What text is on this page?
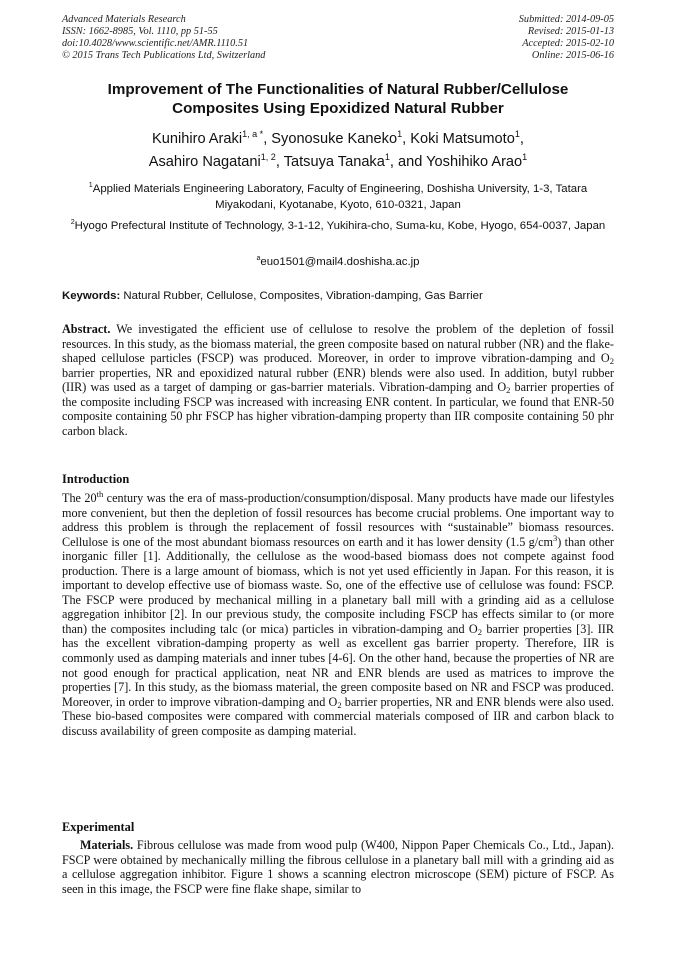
Advanced Materials Research
ISSN: 1662-8985, Vol. 1110, pp 51-55
doi:10.4028/www.scientific.net/AMR.1110.51
© 2015 Trans Tech Publications Ltd, Switzerland
Submitted: 2014-09-05
Revised: 2015-01-13
Accepted: 2015-02-10
Online: 2015-06-16
Improvement of The Functionalities of Natural Rubber/Cellulose
Composites Using Epoxidized Natural Rubber
Kunihiro Araki$^{1, a *}$, Syonosuke Kaneko$^1$, Koki Matsumoto$^1$,
Asahiro Nagatani$^{1, 2}$, Tatsuya Tanaka$^1$, and Yoshihiko Arao$^1$
$^1$Applied Materials Engineering Laboratory, Faculty of Engineering, Doshisha University, 1-3, Tatara Miyakodani, Kyotanabe, Kyoto, 610-0321, Japan
$^2$Hyogo Prefectural Institute of Technology, 3-1-12, Yukihira-cho, Suma-ku, Kobe, Hyogo, 654-0037, Japan
$^a$euo1501@mail4.doshisha.ac.jp
Keywords: Natural Rubber, Cellulose, Composites, Vibration-damping, Gas Barrier
Abstract. We investigated the efficient use of cellulose to resolve the problem of the depletion of fossil resources. In this study, as the biomass material, the green composite based on natural rubber (NR) and the flake-shaped cellulose particles (FSCP) was produced. Moreover, in order to improve vibration-damping and $O_2$ barrier properties, NR and epoxidized natural rubber (ENR) blends were also used. In addition, butyl rubber (IIR) was used as a target of damping or gas-barrier materials. Vibration-damping and $O_2$ barrier properties of the composite including FSCP was increased with increasing ENR content. In particular, we found that ENR-50 composite containing 50 phr FSCP has higher vibration-damping property than IIR composite containing 50 phr carbon black.
Introduction
The 20th century was the era of mass-production/consumption/disposal. Many products have made our lifestyles more convenient, but then the depletion of fossil resources has become crucial problems. One important way to address this problem is through the replacement of fossil resources with “sustainable” biomass resources. Cellulose is one of the most abundant biomass resources on earth and it has lower density (1.5 $g/cm^3$) than other inorganic filler [1]. Additionally, the cellulose as the wood-based biomass does not compete against food production. There is a large amount of biomass, which is not yet used efficiently in Japan. For this reason, it is important to develop effective use of biomass waste. So, one of the effective use of cellulose was found: FSCP. The FSCP were produced by mechanical milling in a planetary ball mill with a grinding aid as a cellulose aggregation inhibitor [2]. In our previous study, the composite including FSCP has effects similar to (or more than) the composites including talc (or mica) particles in vibration-damping and $O_2$ barrier properties [3]. IIR has the excellent vibration-damping property as well as excellent gas barrier property. Therefore, IIR is commonly used as damping materials and inner tubes [4-6]. On the other hand, because the properties of NR are not good enough for practical application, neat NR and ENR blends are used as matrices to improve the properties [7]. In this study, as the biomass material, the green composite based on NR and FSCP was produced. Moreover, in order to improve vibration-damping and $O_2$ barrier properties, NR and ENR blends were also used. These bio-based composites were compared with commercial materials composed of IIR and carbon black to discuss availability of green composite as damping material.
Experimental
Materials. Fibrous cellulose was made from wood pulp (W400, Nippon Paper Chemicals Co., Ltd., Japan). FSCP were obtained by mechanically milling the fibrous cellulose in a planetary ball mill with a grinding aid as a cellulose aggregation inhibitor. Figure 1 shows a scanning electron microscope (SEM) picture of FSCP. As seen in this image, the FSCP were fine flake shape, similar to
